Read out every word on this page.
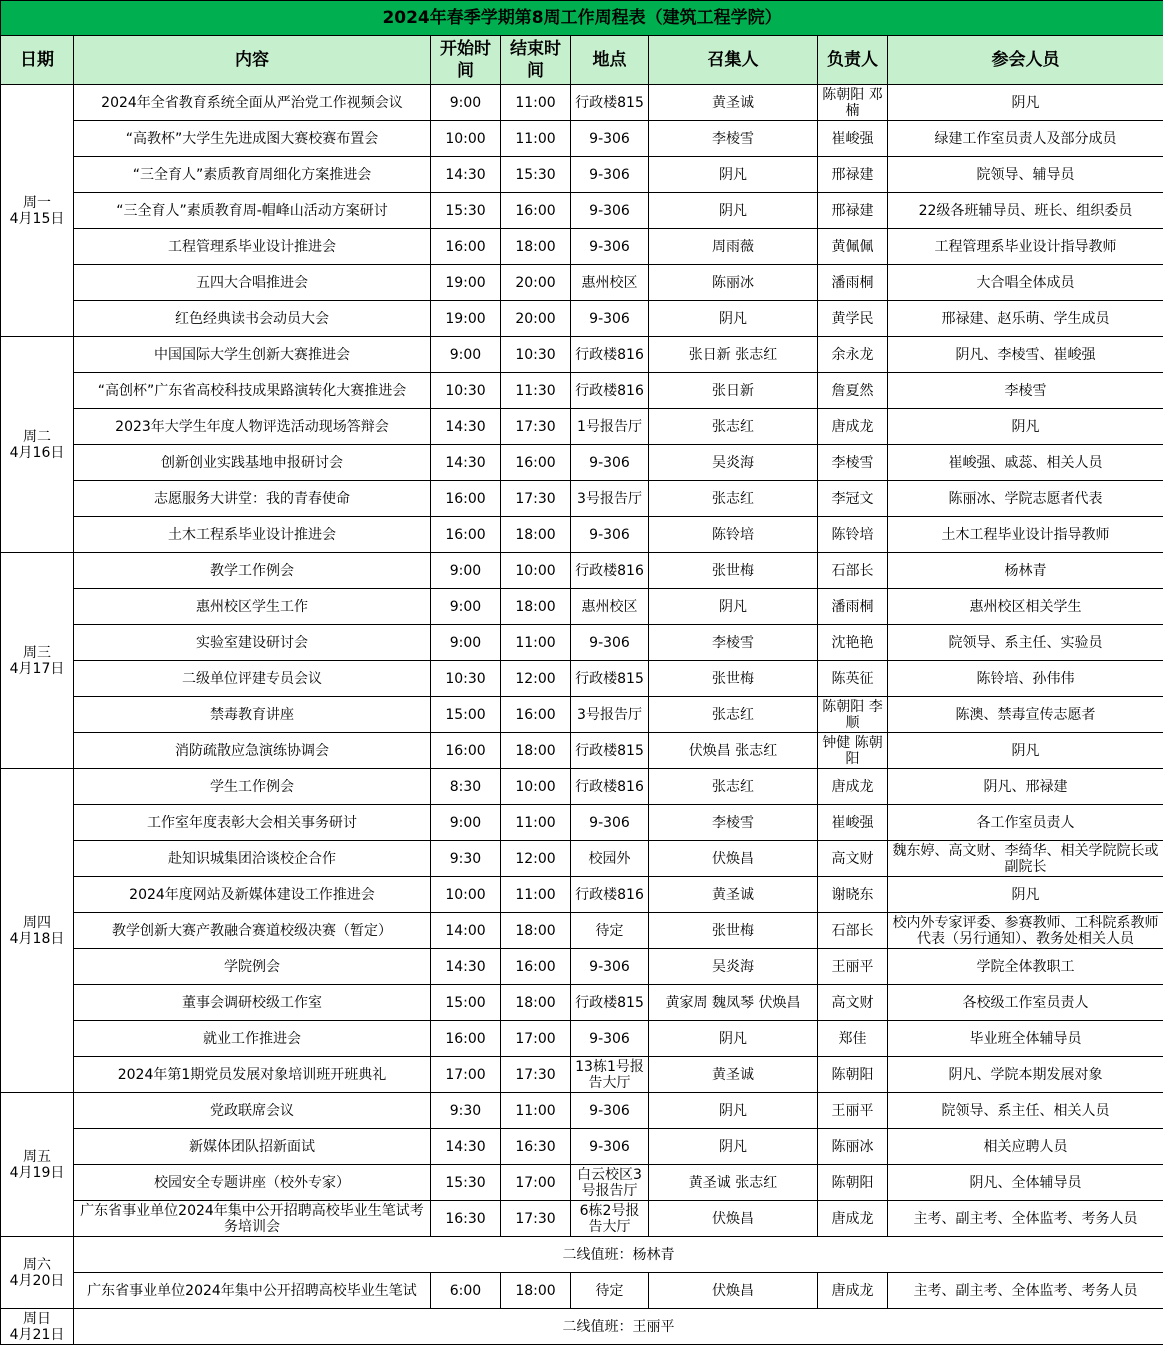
2024年春季学期第8周工作周程表（建筑工程学院）							
日期	内容	开始时间	结束时间	地点	召集人	负责人	参会人员

周一
4月15日	2024年全省教育系统全面从严治党工作视频会议	9:00	11:00	行政楼815	黄圣诚	陈朝阳 邓楠	阴凡
	“高教杯”大学生先进成图大赛校赛布置会	10:00	11:00	9-306	李棱雪	崔峻强	绿建工作室员责人及部分成员
	“三全育人”素质教育周细化方案推进会	14:30	15:30	9-306	阴凡	邢禄建	院领导、辅导员
	“三全育人”素质教育周-帽峰山活动方案研讨	15:30	16:00	9-306	阴凡	邢禄建	22级各班辅导员、班长、组织委员
	工程管理系毕业设计推进会	16:00	18:00	9-306	周雨薇	黄佩佩	工程管理系毕业设计指导教师
	五四大合唱推进会	19:00	20:00	惠州校区	陈丽冰	潘雨桐	大合唱全体成员
	红色经典读书会动员大会	19:00	20:00	9-306	阴凡	黄学民	邢禄建、赵乐萌、学生成员

周二
4月16日	中国国际大学生创新大赛推进会	9:00	10:30	行政楼816	张日新 张志红	余永龙	阴凡、李棱雪、崔峻强
	“高创杯”广东省高校科技成果路演转化大赛推进会	10:30	11:30	行政楼816	张日新	詹夏然	李棱雪
	2023年大学生年度人物评选活动现场答辩会	14:30	17:30	1号报告厅	张志红	唐成龙	阴凡
	创新创业实践基地申报研讨会	14:30	16:00	9-306	吴炎海	李棱雪	崔峻强、戚蕊、相关人员
	志愿服务大讲堂：我的青春使命	16:00	17:30	3号报告厅	张志红	李冠文	陈丽冰、学院志愿者代表
	土木工程系毕业设计推进会	16:00	18:00	9-306	陈铃培	陈铃培	土木工程毕业设计指导教师

周三
4月17日	教学工作例会	9:00	10:00	行政楼816	张世梅	石部长	杨林青
	惠州校区学生工作	9:00	18:00	惠州校区	阴凡	潘雨桐	惠州校区相关学生
	实验室建设研讨会	9:00	11:00	9-306	李棱雪	沈艳艳	院领导、系主任、实验员
	二级单位评建专员会议	10:30	12:00	行政楼815	张世梅	陈英征	陈铃培、孙伟伟
	禁毒教育讲座	15:00	16:00	3号报告厅	张志红	陈朝阳 李顺	陈澳、禁毒宣传志愿者
	消防疏散应急演练协调会	16:00	18:00	行政楼815	伏焕昌 张志红	钟健 陈朝阳	阴凡

周四
4月18日	学生工作例会	8:30	10:00	行政楼816	张志红	唐成龙	阴凡、邢禄建
	工作室年度表彰大会相关事务研讨	9:00	11:00	9-306	李棱雪	崔峻强	各工作室员责人
	赴知识城集团洽谈校企合作	9:30	12:00	校园外	伏焕昌	高文财	魏东婷、高文财、李绮华、相关学院院长或副院长
	2024年度网站及新媒体建设工作推进会	10:00	11:00	行政楼816	黄圣诚	谢晓东	阴凡
	教学创新大赛产教融合赛道校级决赛（暂定）	14:00	18:00	待定	张世梅	石部长	校内外专家评委、参赛教师、工科院系教师代表（另行通知）、教务处相关人员
	学院例会	14:30	16:00	9-306	吴炎海	王丽平	学院全体教职工
	董事会调研校级工作室	15:00	18:00	行政楼815	黄家周 魏凤琴 伏焕昌	高文财	各校级工作室员责人
	就业工作推进会	16:00	17:00	9-306	阴凡	郑佳	毕业班全体辅导员
	2024年第1期党员发展对象培训班开班典礼	17:00	17:30	13栋1号报告大厅	黄圣诚	陈朝阳	阴凡、学院本期发展对象

周五
4月19日	党政联席会议	9:30	11:00	9-306	阴凡	王丽平	院领导、系主任、相关人员
	新媒体团队招新面试	14:30	16:30	9-306	阴凡	陈丽冰	相关应聘人员
	校园安全专题讲座（校外专家）	15:30	17:00	白云校区3号报告厅	黄圣诚 张志红	陈朝阳	阴凡、全体辅导员
	广东省事业单位2024年集中公开招聘高校毕业生笔试考务培训会	16:30	17:30	6栋2号报告大厅	伏焕昌	唐成龙	主考、副主考、全体监考、考务人员

周六
4月20日	二线值班：杨林青						
	广东省事业单位2024年集中公开招聘高校毕业生笔试	6:00	18:00	待定	伏焕昌	唐成龙	主考、副主考、全体监考、考务人员

周日
4月21日	二线值班：王丽平						
